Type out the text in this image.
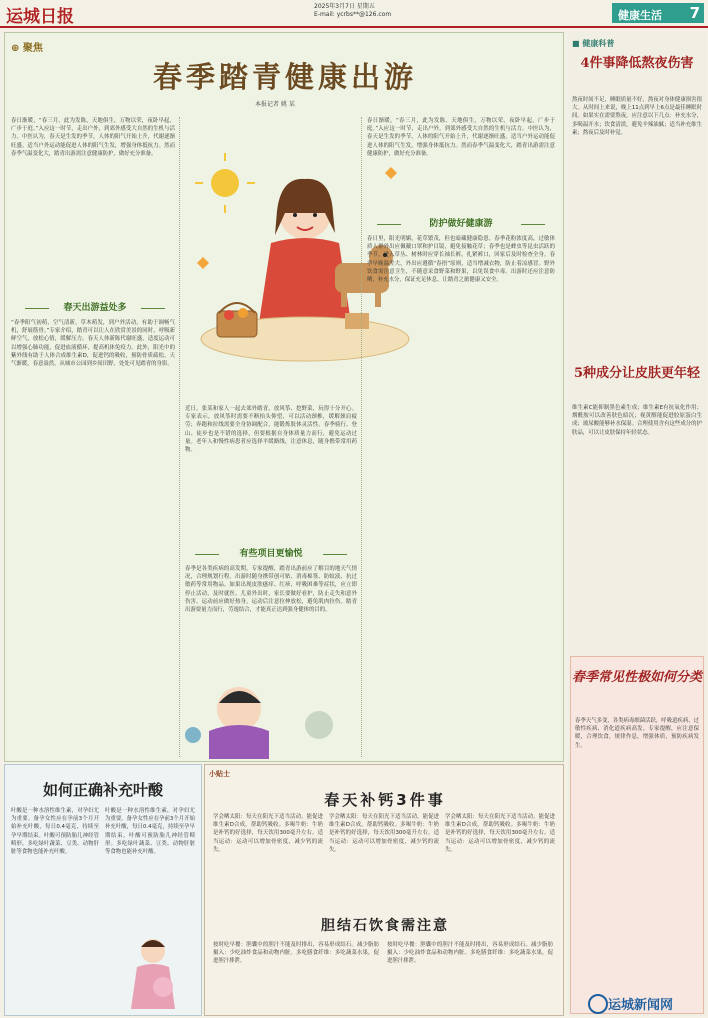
运城日报
2025年3月7日 星期五
E-mail: ycrbs**@126.com	健康生活 7
⊕ 聚焦
春季踏青健康出游
本报记者 姚 某
春日渐暖，“春三月，此为发陈，天地俱生，万物以荣，夜卧早起，广步于庭。”入应这一时节，走出户外，到郊外感受大自然的生机与活力。中医认为，春天是生发的季节，人体的阳气开始上升，代谢逐渐旺盛。适当户外运动能促进人体的阳气生发，增强身体抵抗力。然而春季气温变化大，踏青出游需注意健康防护，做好充分准备。
春天出游益处多
“春季阳气初萌，空气清新，草木萌发，到户外活动，有助于调畅气机，舒展筋骨。”专家介绍，踏青可以让人在欣赏美景的同时，呼吸新鲜空气，放松心情，缓解压力。春天人体新陈代谢旺盛，适度运动可以增强心肺功能，促进血液循环，提高机体免疫力。此外，阳光中的紫外线有助于人体合成维生素D，促进钙的吸收，预防骨质疏松。天气渐暖，春意盎然，从城市公园到乡间田野，处处可见踏青的身影。
近日，张某和家人一起去郊外踏青，放风筝、挖野菜，玩得十分开心。专家表示，放风筝时需要不断抬头仰望，可以活动颈椎，缓解颈肩疲劳；奔跑和拉线需要全身协调配合，能锻炼肢体灵活性。春季骑行、登山、徒步也是不错的选择，但要根据自身体质量力而行，避免运动过量。老年人和慢性病患者应选择平缓路线，注意休息，随身携带常用药物。
有些项目更愉悦
春季是各类疾病的高发期，专家提醒，踏青出游前应了解目的地天气情况，合理规划行程。出游时随身携带创可贴、消毒棉签、防蚊液、抗过敏药等常用物品。如果出现皮肤瘙痒、红疹、呼吸困难等症状，应立即停止活动，及时就医。儿童外出时，家长要做好看护，防止走失和意外伤害。运动前应做好热身，运动后注意拉伸放松，避免肌肉拉伤。踏青出游要量力而行，劳逸结合，才能真正达到强身健体的目的。
春日渐暖，“春三月，此为发陈，天地俱生，万物以荣，夜卧早起，广步于庭。”入应这一时节，走出户外，到郊外感受大自然的生机与活力。中医认为，春天是生发的季节，人体的阳气开始上升，代谢逐渐旺盛。适当户外运动能促进人体的阳气生发，增强身体抵抗力。然而春季气温变化大，踏青出游需注意健康防护，做好充分准备。
防护做好健康游
春日里，阳光明媚，花草繁茂，但也暗藏健康隐患。春季花粉浓度高，过敏体质人群外出应佩戴口罩和护目镜，避免接触花草；春季也是蜱虫等昆虫活跃的季节，进入草丛、树林时应穿长袖长裤，扎紧裤口，回家后及时检查全身。春季早晚温差大，外出应遵循“春捂”原则，适当增减衣物，防止着凉感冒。野外饮食需注意卫生，不随意采食野菜和野果，以免误食中毒。出游时还应注意防晒，补充水分，保证充足休息，让踏青之旅健康又安全。
■ 健康科普
4件事降低熬夜伤害
熬夜时间不足，睡眠质量不好，熬夜对身体健康损害很大。从时间上来说，晚上11点到早上6点是最佳睡眠时间。如果实在需要熬夜，应注意以下几点：补充水分，多喝温开水；饮食清淡，避免辛辣油腻；适当补充维生素；熬夜后及时补觉。
5种成分让皮肤更年轻
维生素C能抑制黑色素生成；维生素E有抗氧化作用；烟酰胺可以改善肤色暗沉；视黄醇能促进胶原蛋白生成；玻尿酸能够补水保湿。合理使用含有这些成分的护肤品，可以让皮肤保持年轻状态。
春季常见性极如何分类
春季天气多变，各类病毒细菌活跃，呼吸道疾病、过敏性疾病、消化道疾病高发。专家提醒，应注意保暖，合理饮食，规律作息，增强体质，预防疾病发生。
如何正确补充叶酸
叶酸是一种水溶性维生素，对孕妇尤为重要。备孕女性应在孕前3个月开始补充叶酸，每日0.4毫克，持续至孕早期结束。叶酸可预防胎儿神经管畸形。多吃绿叶蔬菜、豆类、动物肝脏等食物也能补充叶酸。
叶酸是一种水溶性维生素，对孕妇尤为重要。备孕女性应在孕前3个月开始补充叶酸，每日0.4毫克，持续至孕早期结束。叶酸可预防胎儿神经管畸形。多吃绿叶蔬菜、豆类、动物肝脏等食物也能补充叶酸。
小贴士
春天补钙3件事
学会晒太阳：每天在阳光下适当活动，能促进维生素D合成，帮助钙吸收。多喝牛奶：牛奶是补钙的好选择，每天饮用300毫升左右。适当运动：运动可以增加骨密度，减少钙的流失。
学会晒太阳：每天在阳光下适当活动，能促进维生素D合成，帮助钙吸收。多喝牛奶：牛奶是补钙的好选择，每天饮用300毫升左右。适当运动：运动可以增加骨密度，减少钙的流失。
学会晒太阳：每天在阳光下适当活动，能促进维生素D合成，帮助钙吸收。多喝牛奶：牛奶是补钙的好选择，每天饮用300毫升左右。适当运动：运动可以增加骨密度，减少钙的流失。
胆结石饮食需注意
按时吃早餐：胆囊中的胆汁不能及时排出，容易形成结石。减少脂肪摄入：少吃油炸食品和动物内脏。多吃膳食纤维：多吃蔬菜水果，促进胆汁排泄。
按时吃早餐：胆囊中的胆汁不能及时排出，容易形成结石。减少脂肪摄入：少吃油炸食品和动物内脏。多吃膳食纤维：多吃蔬菜水果，促进胆汁排泄。
运城新闻网
